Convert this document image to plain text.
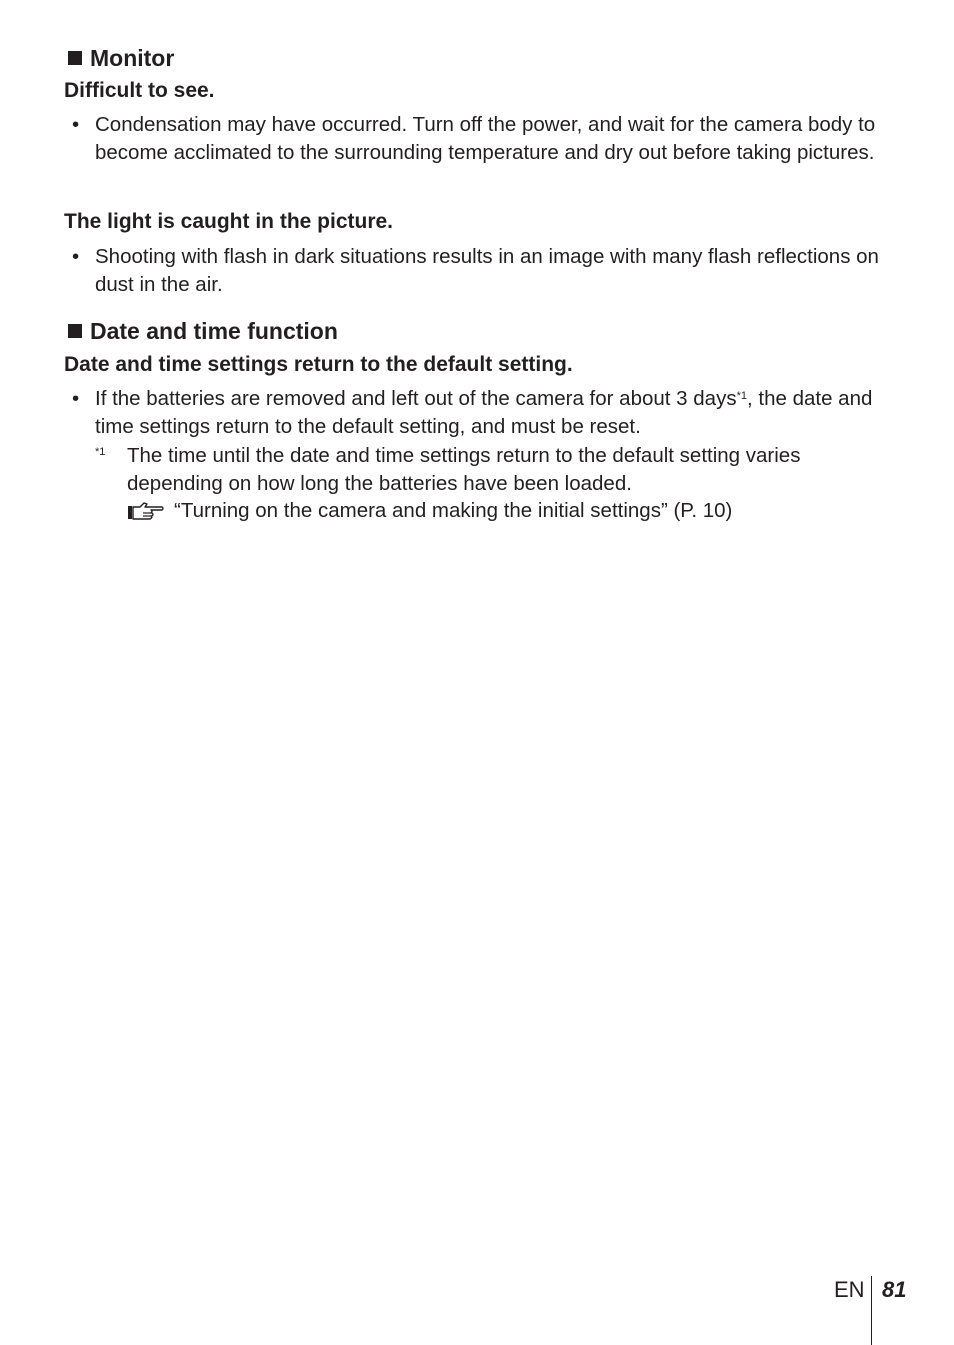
Monitor
Difficult to see.
• Condensation may have occurred. Turn off the power, and wait for the camera body to become acclimated to the surrounding temperature and dry out before taking pictures.
The light is caught in the picture.
• Shooting with flash in dark situations results in an image with many flash reflections on dust in the air.
Date and time function
Date and time settings return to the default setting.
• If the batteries are removed and left out of the camera for about 3 days$^{*1}$, the date and time settings return to the default setting, and must be reset.
*1 The time until the date and time settings return to the default setting varies depending on how long the batteries have been loaded.
“Turning on the camera and making the initial settings” (P. 10)
EN 81
